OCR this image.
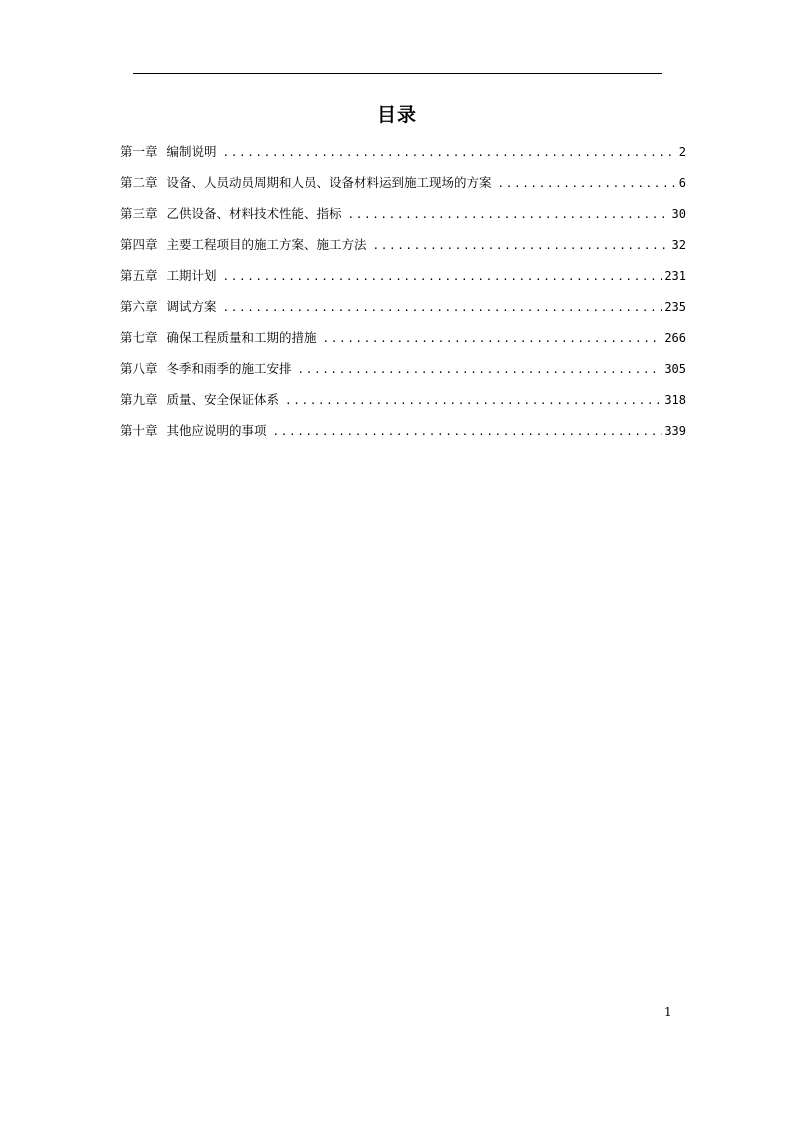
目录
第一章 编制说明 .....	2
第二章 设备、人员动员周期和人员、设备材料运到施工现场的方案 .....	6
第三章 乙供设备、材料技术性能、指标 .....	30
第四章 主要工程项目的施工方案、施工方法 .....	32
第五章 工期计划 .....	231
第六章 调试方案 .....	235
第七章 确保工程质量和工期的措施 .....	266
第八章 冬季和雨季的施工安排 .....	305
第九章 质量、安全保证体系 .....	318
第十章 其他应说明的事项 .....	339
1
